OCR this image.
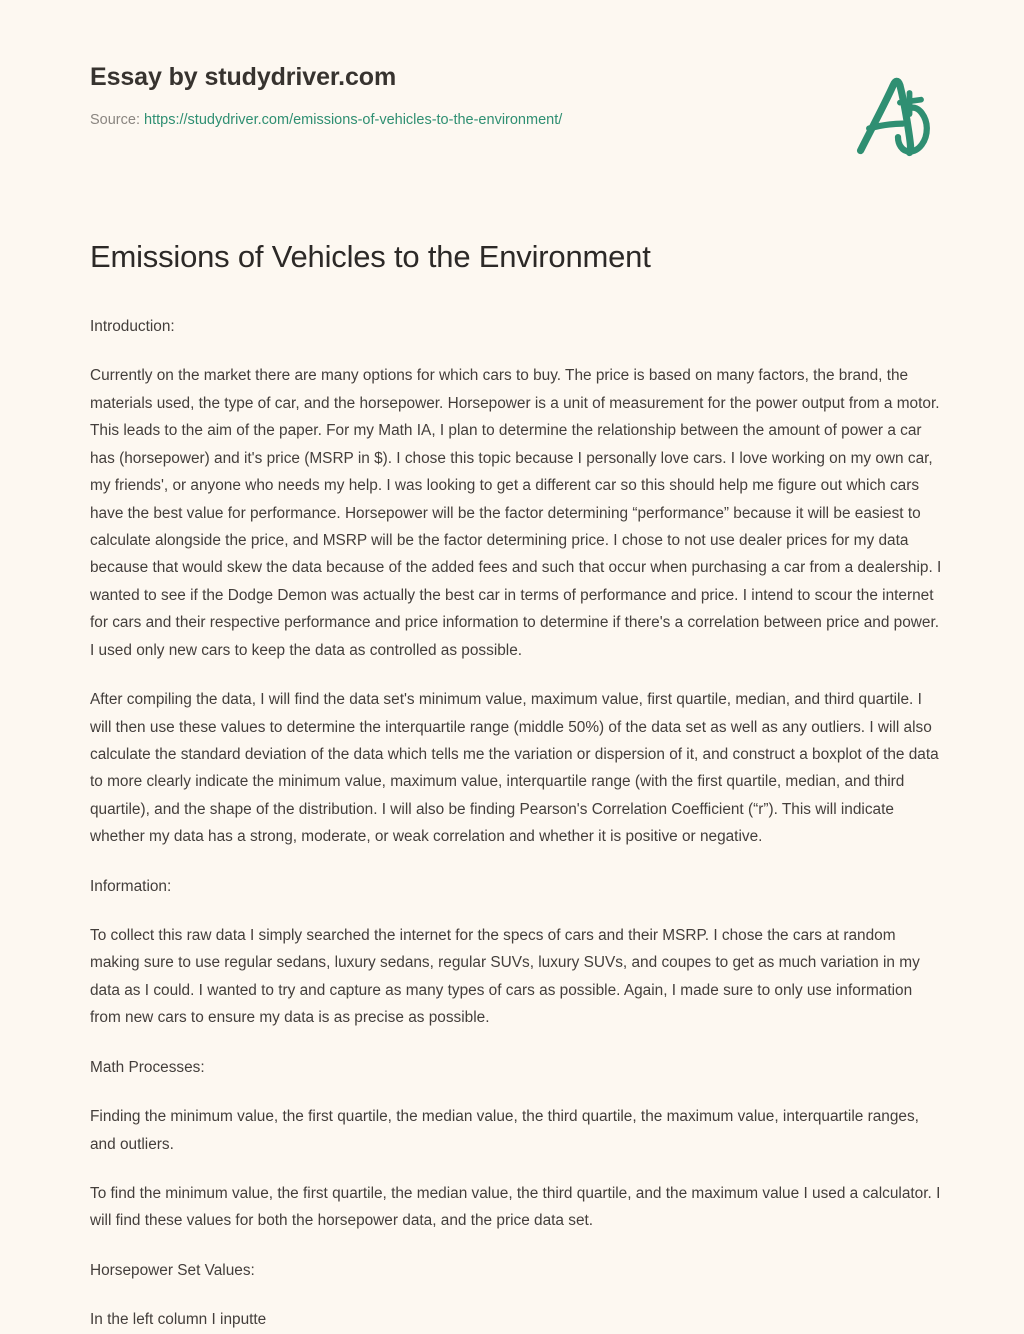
Essay by studydriver.com
Source: https://studydriver.com/emissions-of-vehicles-to-the-environment/
Emissions of Vehicles to the Environment

Introduction:

Currently on the market there are many options for which cars to buy. The price is based on many factors, the brand, the materials used, the type of car, and the horsepower. Horsepower is a unit of measurement for the power output from a motor. This leads to the aim of the paper. For my Math IA, I plan to determine the relationship between the amount of power a car has (horsepower) and it's price (MSRP in $). I chose this topic because I personally love cars. I love working on my own car, my friends', or anyone who needs my help. I was looking to get a different car so this should help me figure out which cars have the best value for performance. Horsepower will be the factor determining “performance” because it will be easiest to calculate alongside the price, and MSRP will be the factor determining price. I chose to not use dealer prices for my data because that would skew the data because of the added fees and such that occur when purchasing a car from a dealership. I wanted to see if the Dodge Demon was actually the best car in terms of performance and price. I intend to scour the internet for cars and their respective performance and price information to determine if there's a correlation between price and power. I used only new cars to keep the data as controlled as possible.

After compiling the data, I will find the data set's minimum value, maximum value, first quartile, median, and third quartile. I will then use these values to determine the interquartile range (middle 50%) of the data set as well as any outliers. I will also calculate the standard deviation of the data which tells me the variation or dispersion of it, and construct a boxplot of the data to more clearly indicate the minimum value, maximum value, interquartile range (with the first quartile, median, and third quartile), and the shape of the distribution. I will also be finding Pearson's Correlation Coefficient (“r”). This will indicate whether my data has a strong, moderate, or weak correlation and whether it is positive or negative.

Information:

To collect this raw data I simply searched the internet for the specs of cars and their MSRP. I chose the cars at random making sure to use regular sedans, luxury sedans, regular SUVs, luxury SUVs, and coupes to get as much variation in my data as I could. I wanted to try and capture as many types of cars as possible. Again, I made sure to only use information from new cars to ensure my data is as precise as possible.

Math Processes:

Finding the minimum value, the first quartile, the median value, the third quartile, the maximum value, interquartile ranges, and outliers.

To find the minimum value, the first quartile, the median value, the third quartile, and the maximum value I used a calculator. I will find these values for both the horsepower data, and the price data set.

Horsepower Set Values:

In the left column I inputte
